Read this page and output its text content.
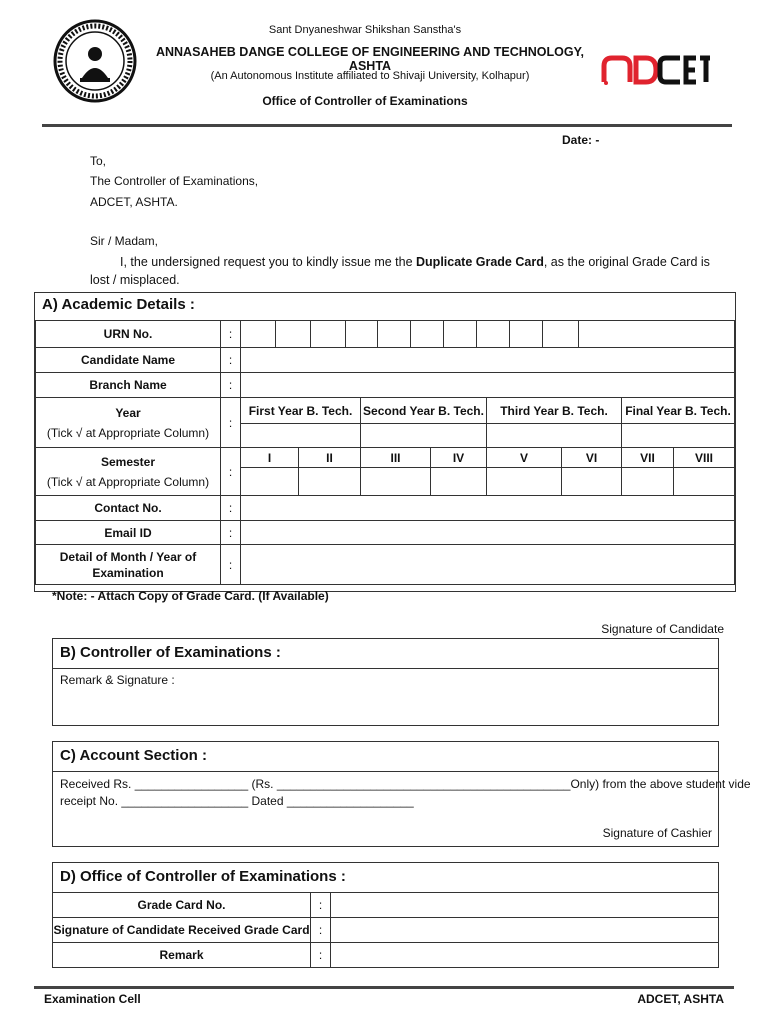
Sant Dnyaneshwar Shikshan Sanstha's
ANNASAHEB DANGE COLLEGE OF ENGINEERING AND TECHNOLOGY, ASHTA
(An Autonomous Institute affiliated to Shivaji University, Kolhapur)
Office of Controller of Examinations
Date: -
To,
The Controller of Examinations,
ADCET, ASHTA.
Sir / Madam,
I, the undersigned request you to kindly issue me the Duplicate Grade Card, as the original Grade Card is
lost / misplaced.
A) Academic Details :
URN No.	:								

Candidate Name	:								
Branch Name	:								

Year
(Tick √ at Appropriate Column)	:	First Year B. Tech.		Second Year B. Tech.		Third Year B. Tech.		Final Year B. Tech.	

Semester
(Tick √ at Appropriate Column)	:	I	II	III	IV	V	VI	VII	VIII

Contact No.	:								
Email ID	:								
Detail of Month / Year of Examination	:								
*Note: - Attach Copy of Grade Card. (If Available)
Signature of Candidate
B) Controller of Examinations :
Remark & Signature :
C) Account Section :
Received Rs. _________________ (Rs. ____________________________________________Only) from the above student vide
receipt No. ___________________ Dated ___________________
Signature of Cashier
D) Office of Controller of Examinations :
Grade Card No.	:	
Signature of Candidate Received Grade Card	:	
Remark	:	
Examination Cell	ADCET, ASHTA
